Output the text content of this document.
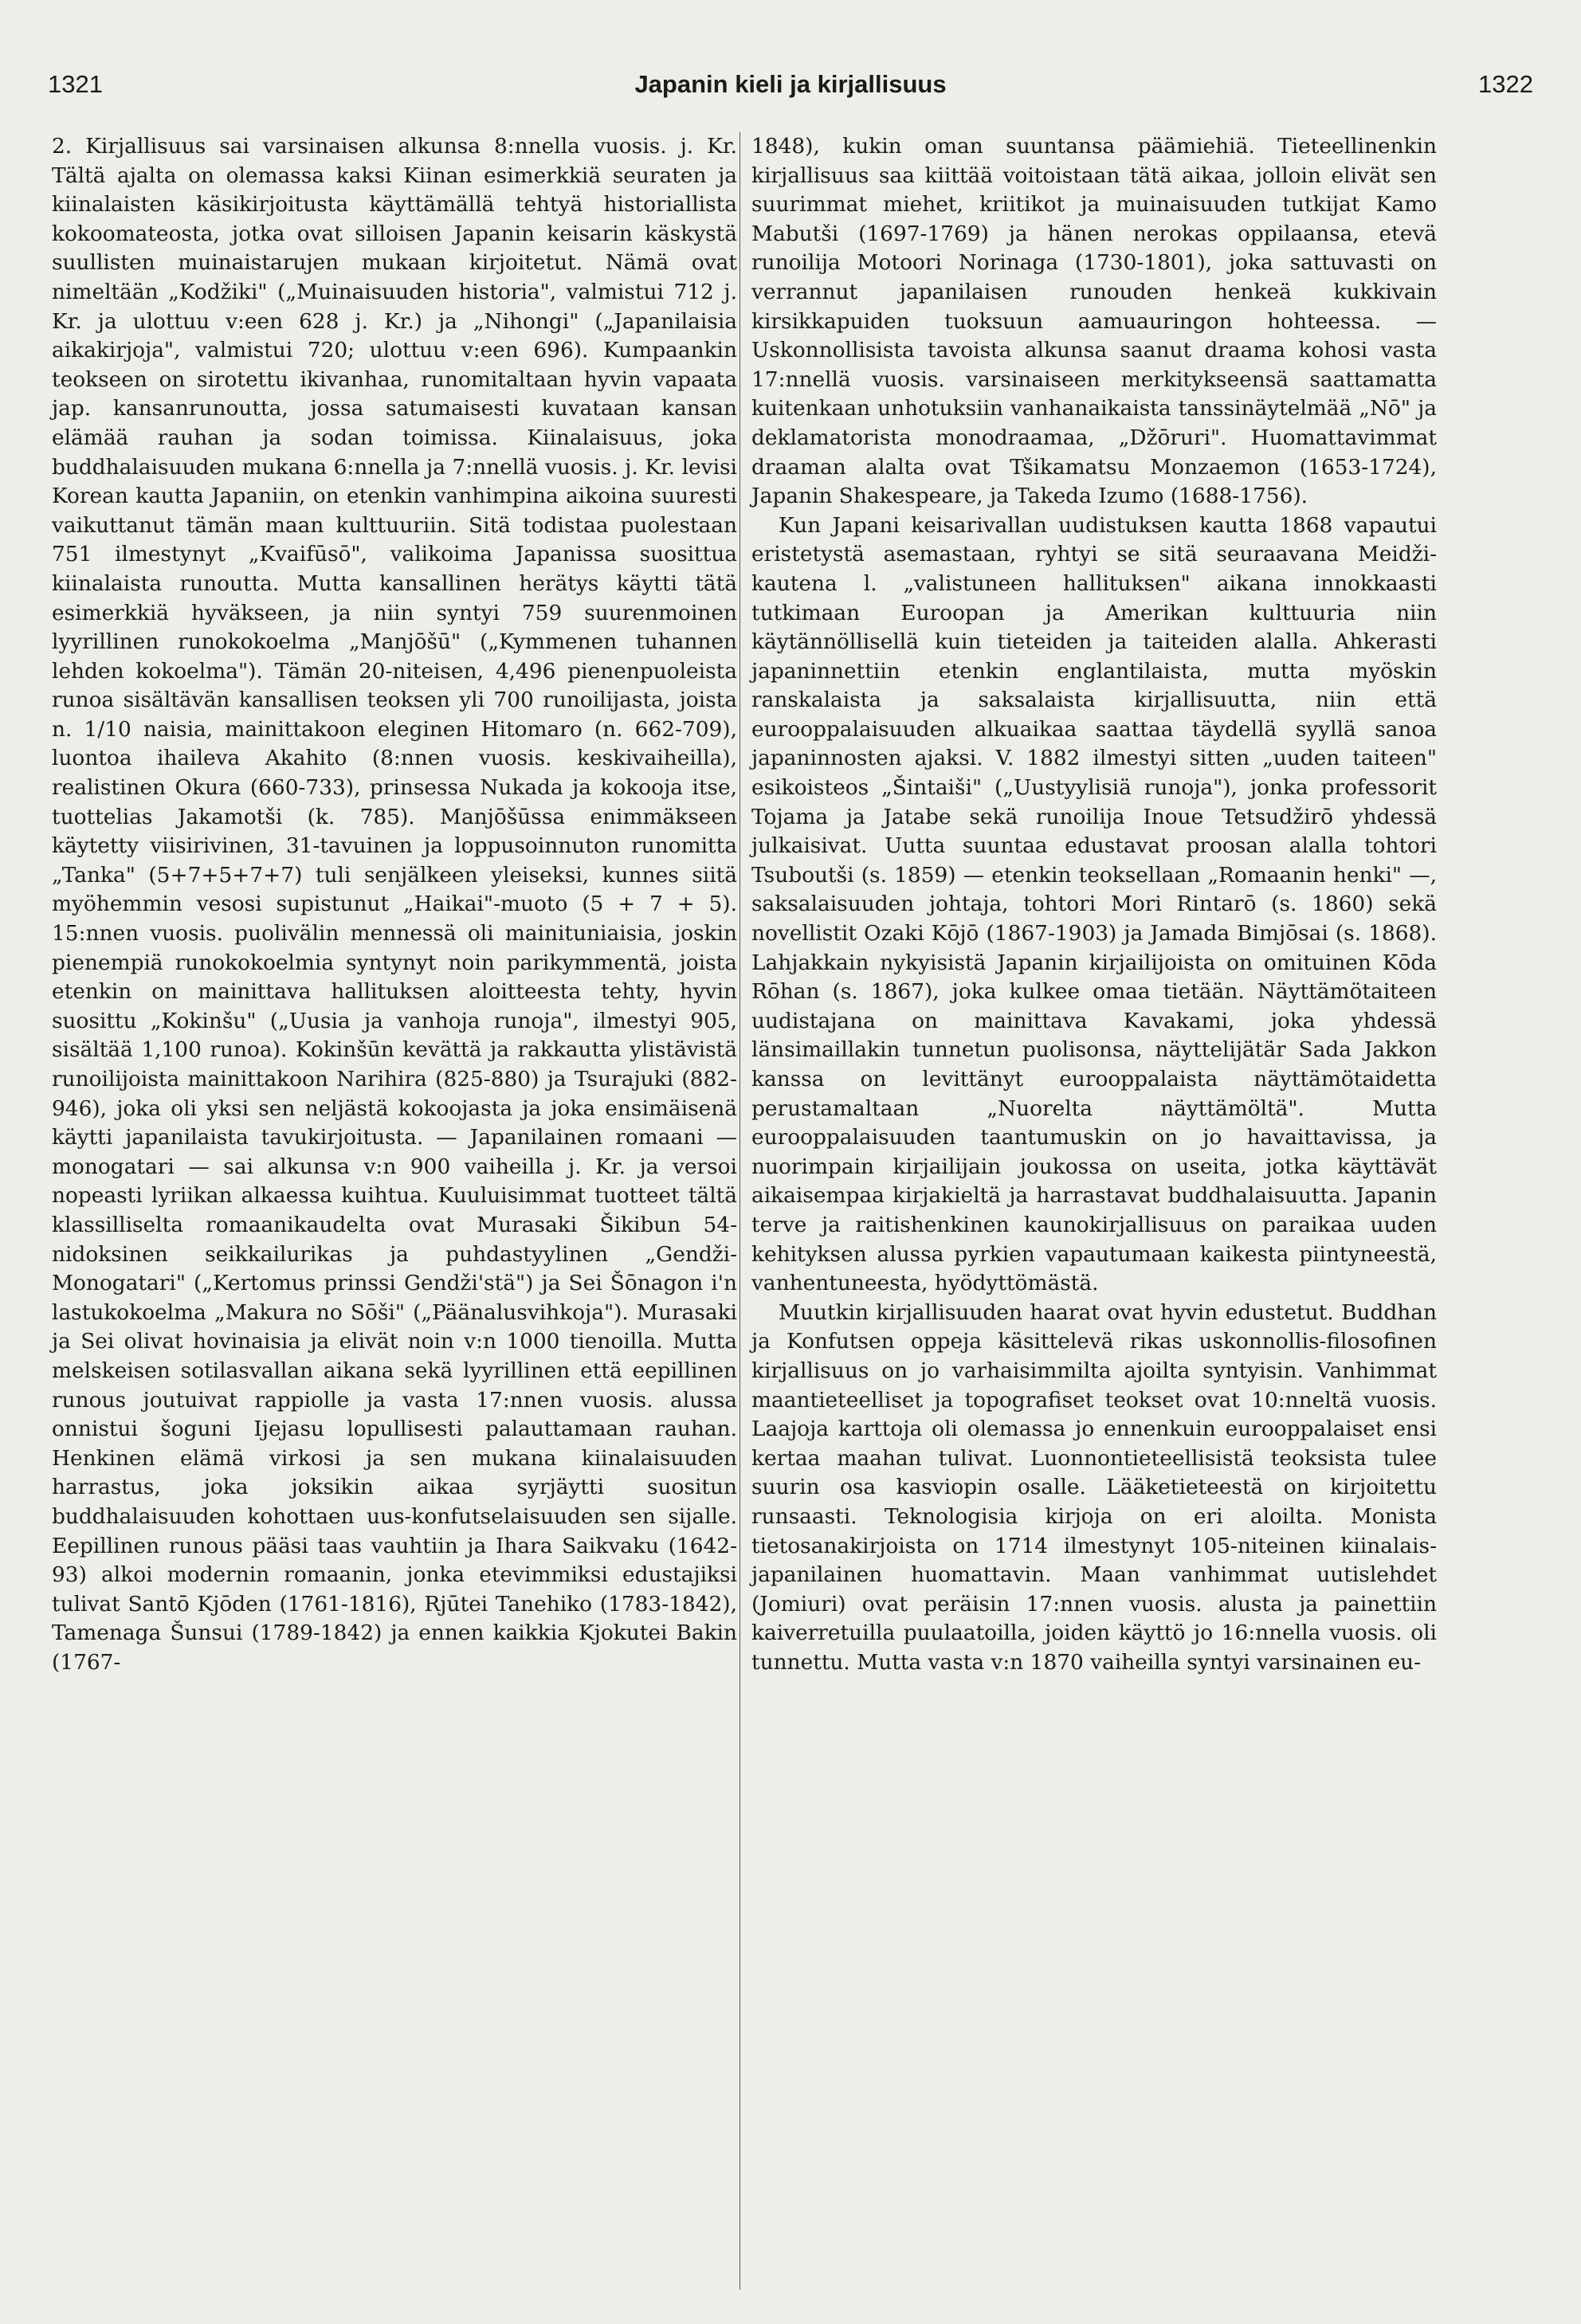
1321	Japanin kieli ja kirjallisuus	1322

2. Kirjallisuus sai varsinaisen alkunsa 8:nnella vuosis. j. Kr. Tältä ajalta on olemassa kaksi Kiinan esimerkkiä seuraten ja kiinalaisten käsikirjoitusta käyttämällä tehtyä historiallista kokoomateosta, jotka ovat silloisen Japanin keisarin käskystä suullisten muinaistarujen mukaan kirjoitetut. Nämä ovat nimeltään „Kodžiki" („Muinaisuuden historia", valmistui 712 j. Kr. ja ulottuu v:een 628 j. Kr.) ja „Nihongi" („Japanilaisia aikakirjoja", valmistui 720; ulottuu v:een 696). Kumpaankin teokseen on sirotettu ikivanhaa, runomitaltaan hyvin vapaata jap. kansanrunoutta, jossa satumaisesti kuvataan kansan elämää rauhan ja sodan toimissa. Kiinalaisuus, joka buddhalaisuuden mukana 6:nnella ja 7:nnellä vuosis. j. Kr. levisi Korean kautta Japaniin, on etenkin vanhimpina aikoina suuresti vaikuttanut tämän maan kulttuuriin. Sitä todistaa puolestaan 751 ilmestynyt „Kvaifūsō", valikoima Japanissa suosittua kiinalaista runoutta. Mutta kansallinen herätys käytti tätä esimerkkiä hyväkseen, ja niin syntyi 759 suurenmoinen lyyrillinen runokokoelma „Manjōšū" („Kymmenen tuhannen lehden kokoelma"). Tämän 20-niteisen, 4,496 pienenpuoleista runoa sisältävän kansallisen teoksen yli 700 runoilijasta, joista n. 1/10 naisia, mainittakoon eleginen Hitomaro (n. 662-709), luontoa ihaileva Akahito (8:nnen vuosis. keskivaiheilla), realistinen Okura (660-733), prinsessa Nukada ja kokooja itse, tuottelias Jakamotši (k. 785). Manjōšūssa enimmäkseen käytetty viisirivinen, 31-tavuinen ja loppusoinnuton runomitta „Tanka" (5+7+5+7+7) tuli senjälkeen yleiseksi, kunnes siitä myöhemmin vesosi supistunut „Haikai"-muoto (5 + 7 + 5). 15:nnen vuosis. puolivälin mennessä oli mainituniaisia, joskin pienempiä runokokoelmia syntynyt noin parikymmentä, joista etenkin on mainittava hallituksen aloitteesta tehty, hyvin suosittu „Kokinšu" („Uusia ja vanhoja runoja", ilmestyi 905, sisältää 1,100 runoa). Kokinšūn kevättä ja rakkautta ylistävistä runoilijoista mainittakoon Narihira (825-880) ja Tsurajuki (882-946), joka oli yksi sen neljästä kokoojasta ja joka ensimäisenä käytti japanilaista tavukirjoitusta. — Japanilainen romaani — monogatari — sai alkunsa v:n 900 vaiheilla j. Kr. ja versoi nopeasti lyriikan alkaessa kuihtua. Kuuluisimmat tuotteet tältä klassilliselta romaanikaudelta ovat Murasaki Šikibun 54-nidoksinen seikkailurikas ja puhdastyylinen „Gendži-Monogatari" („Kertomus prinssi Gendži'stä") ja Sei Šōnagon i'n lastukokoelma „Makura no Sōši" („Päänalusvihkoja"). Murasaki ja Sei olivat hovinaisia ja elivät noin v:n 1000 tienoilla. Mutta melskeisen sotilasvallan aikana sekä lyyrillinen että eepillinen runous joutuivat rappiolle ja vasta 17:nnen vuosis. alussa onnistui šoguni Ijejasu lopullisesti palauttamaan rauhan. Henkinen elämä virkosi ja sen mukana kiinalaisuuden harrastus, joka joksikin aikaa syrjäytti suositun buddhalaisuuden kohottaen uus-konfutselaisuuden sen sijalle. Eepillinen runous pääsi taas vauhtiin ja Ihara Saikvaku (1642-93) alkoi modernin romaanin, jonka etevimmiksi edustajiksi tulivat Santō Kjōden (1761-1816), Rjūtei Tanehiko (1783-1842), Tamenaga Šunsui (1789-1842) ja ennen kaikkia Kjokutei Bakin (1767-

1848), kukin oman suuntansa päämiehiä. Tieteellinenkin kirjallisuus saa kiittää voitoistaan tätä aikaa, jolloin elivät sen suurimmat miehet, kriitikot ja muinaisuuden tutkijat Kamo Mabutši (1697-1769) ja hänen nerokas oppilaansa, etevä runoilija Motoori Norinaga (1730-1801), joka sattuvasti on verrannut japanilaisen runouden henkeä kukkivain kirsikkapuiden tuoksuun aamuauringon hohteessa. — Uskonnollisista tavoista alkunsa saanut draama kohosi vasta 17:nnellä vuosis. varsinaiseen merkitykseensä saattamatta kuitenkaan unhotuksiin vanhanaikaista tanssinäytelmää „Nō" ja deklamatorista monodraamaa, „Džōruri". Huomattavimmat draaman alalta ovat Tšikamatsu Monzaemon (1653-1724), Japanin Shakespeare, ja Takeda Izumo (1688-1756).

Kun Japani keisarivallan uudistuksen kautta 1868 vapautui eristetystä asemastaan, ryhtyi se sitä seuraavana Meidži-kautena l. „valistuneen hallituksen" aikana innokkaasti tutkimaan Euroopan ja Amerikan kulttuuria niin käytännöllisellä kuin tieteiden ja taiteiden alalla. Ahkerasti japaninnettiin etenkin englantilaista, mutta myöskin ranskalaista ja saksalaista kirjallisuutta, niin että eurooppalaisuuden alkuaikaa saattaa täydellä syyllä sanoa japaninnosten ajaksi. V. 1882 ilmestyi sitten „uuden taiteen" esikoisteos „Šintaiši" („Uustyylisiä runoja"), jonka professorit Tojama ja Jatabe sekä runoilija Inoue Tetsudžirō yhdessä julkaisivat. Uutta suuntaa edustavat proosan alalla tohtori Tsuboutši (s. 1859) — etenkin teoksellaan „Romaanin henki" —, saksalaisuuden johtaja, tohtori Mori Rintarō (s. 1860) sekä novellistit Ozaki Kōjō (1867-1903) ja Jamada Bimjōsai (s. 1868). Lahjakkain nykyisistä Japanin kirjailijoista on omituinen Kōda Rōhan (s. 1867), joka kulkee omaa tietään. Näyttämötaiteen uudistajana on mainittava Kavakami, joka yhdessä länsimaillakin tunnetun puolisonsa, näyttelijätär Sada Jakkon kanssa on levittänyt eurooppalaista näyttämötaidetta perustamaltaan „Nuorelta näyttämöltä". Mutta eurooppalaisuuden taantumuskin on jo havaittavissa, ja nuorimpain kirjailijain joukossa on useita, jotka käyttävät aikaisempaa kirjakieltä ja harrastavat buddhalaisuutta. Japanin terve ja raitishenkinen kaunokirjallisuus on paraikaa uuden kehityksen alussa pyrkien vapautumaan kaikesta piintyneestä, vanhentuneesta, hyödyttömästä.

Muutkin kirjallisuuden haarat ovat hyvin edustetut. Buddhan ja Konfutsen oppeja käsittelevä rikas uskonnollis-filosofinen kirjallisuus on jo varhaisimmilta ajoilta syntyisin. Vanhimmat maantieteelliset ja topografiset teokset ovat 10:nneltä vuosis. Laajoja karttoja oli olemassa jo ennenkuin eurooppalaiset ensi kertaa maahan tulivat. Luonnontieteellisistä teoksista tulee suurin osa kasviopin osalle. Lääketieteestä on kirjoitettu runsaasti. Teknologisia kirjoja on eri aloilta. Monista tietosanakirjoista on 1714 ilmestynyt 105-niteinen kiinalais-japanilainen huomattavin. Maan vanhimmat uutislehdet (Jomiuri) ovat peräisin 17:nnen vuosis. alusta ja painettiin kaiverretuilla puulaatoilla, joiden käyttö jo 16:nnella vuosis. oli tunnettu. Mutta vasta v:n 1870 vaiheilla syntyi varsinainen eu-
